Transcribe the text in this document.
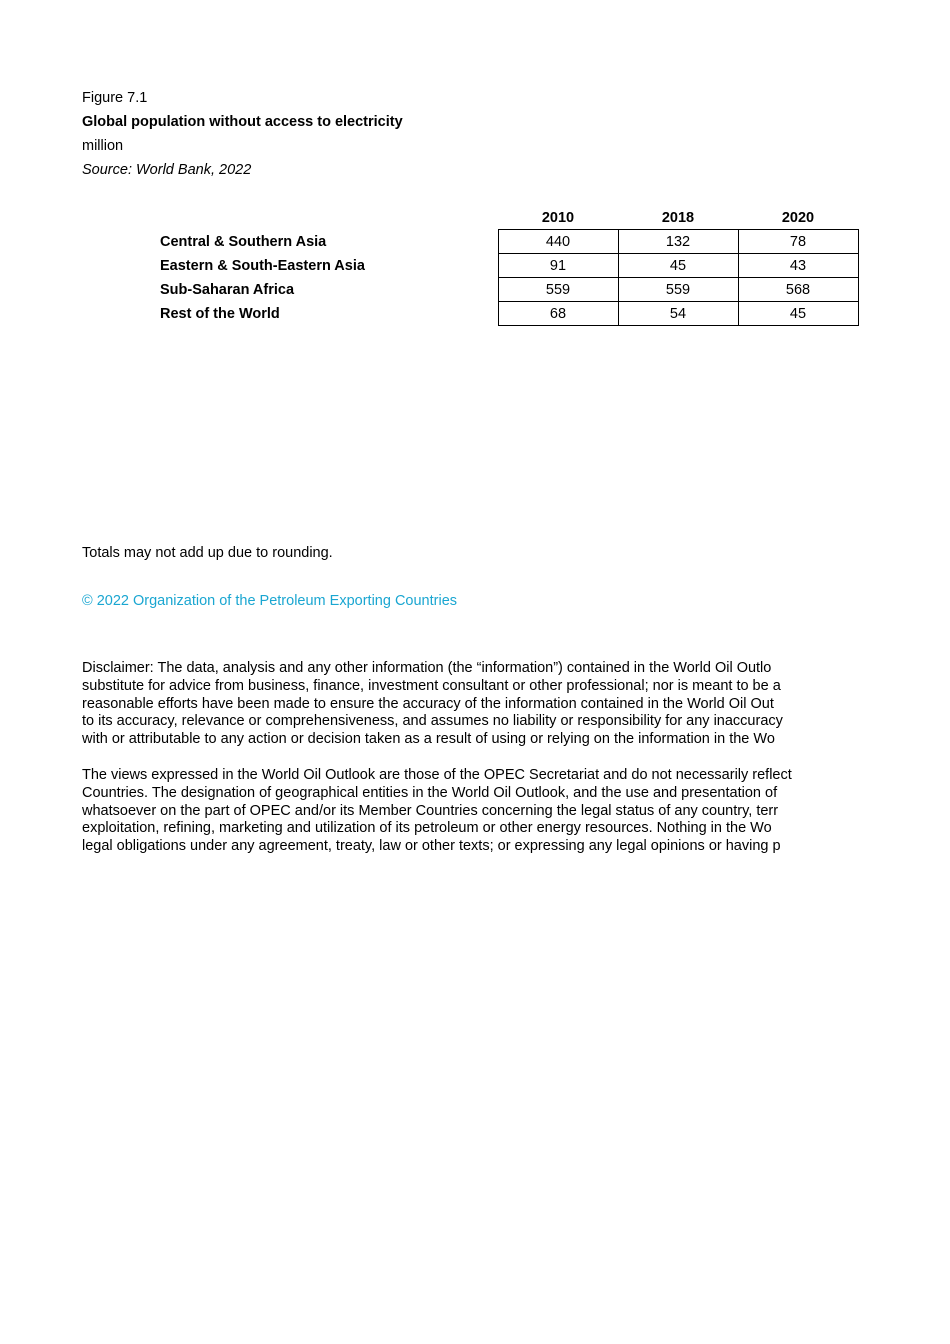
Figure 7.1
Global population without access to electricity
million
Source: World Bank, 2022
	2010	2018	2020
Central & Southern Asia	440	132	78
Eastern & South-Eastern Asia	91	45	43
Sub-Saharan Africa	559	559	568
Rest of the World	68	54	45
Totals may not add up due to rounding.
© 2022 Organization of the Petroleum Exporting Countries
Disclaimer: The data, analysis and any other information (the “information”) contained in the World Oil Outlo
substitute for advice from business, finance, investment consultant or other professional; nor is meant to be a
reasonable efforts have been made to ensure the accuracy of the information contained in the World Oil Out
to its accuracy, relevance or comprehensiveness, and assumes no liability or responsibility for any inaccuracy
with or attributable to any action or decision taken as a result of using or relying on the information in the Wo
The views expressed in the World Oil Outlook are those of the OPEC Secretariat and do not necessarily reflect
Countries. The designation of geographical entities in the World Oil Outlook, and the use and presentation of
whatsoever on the part of OPEC and/or its Member Countries concerning the legal status of any country, terr
exploitation, refining, marketing and utilization of its petroleum or other energy resources. Nothing in the Wo
legal obligations under any agreement, treaty, law or other texts; or expressing any legal opinions or having p
